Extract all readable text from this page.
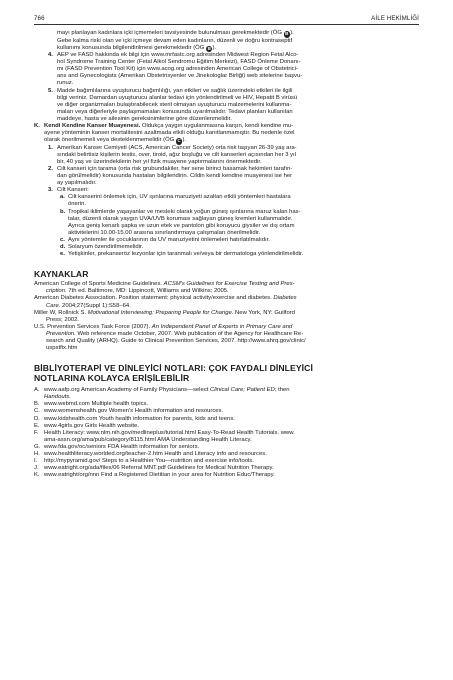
766	AİLE HEKİMLİĞİ

mayı planlayan kadınlara içki içmemeleri tavsiyesinde bulunulması gerekmektedir (ÖG B ).

Gebe kalma riski olan ve içki içmeye devam eden kadınların, düzenli ve doğru kontraseptif

kullanımı konusunda bilgilendirilmesi gerekmektedir (ÖG B ).

4. AEP ve FASD hakkında ek bilgi için www.mrfastc.org adresinden Midwest Region Fetal Alco-

hol Syndrome Training Center (Fetal Alkol Sendromu Eğitim Merkezi), FASD Önleme Donanı-

mı (FASD Prevention Tool Kit) için www.acog.org adresinden American College of Obstetrici-

ans and Gynecologists (Amerikan Obstetrisyenler ve Jinekologlar Birliği) web sitelerine başvu-

runuz.

5. Madde bağımlılarına uyuşturucu bağımlılığı, yan etkileri ve sağlık üzerindeki etkileri ile ilgili

bilgi veriniz. Damardan uyuşturucu alanlar tedavi için yönlendirilmeli ve HIV, Hepatit B virüsü

ve diğer organizmaları bulaştırabilecek steril olmayan uyuşturucu malzemelerini kullanma-

maları veya diğerleriyle paylaşmamaları konusunda uyarılmalıdır. Tedavi planları kullanılan

maddeye, hasta ve ailesinin gereksinimlerine göre düzenlenmelidir.

K. Kendi Kendine Kanser Muayenesi. Oldukça yaygın uygulanmasına karşın, kendi kendine mu-

ayene yönteminin kanser mortalitesini azaltmada etkili olduğu kanıtlanmamıştır. Bu nedenle özel

olarak önerilmemeli veya desteklenmemelidir (ÖG C ).

1. Amerikan Kanser Cemiyeti (ACS, American Cancer Society) orta risk taşıyan 26-39 yaş ara-

sındaki belirtisiz kişilerin testis, over, tiroid, ağız boşluğu ve cilt kanserleri açısından her 3 yıl

bir, 40 yaş ve üzerindekilerin her yıl fizik muayene yaptırmalarını önermektedir.

2. Cilt kanseri için tarama (orta risk grubundakiler, her sene birinci basamak hekimleri tarafın-

dan görülmelidir) konusunda hastaları bilgilendirin. Cildin kendi kendine muayenesi ise her

ay yapılmalıdır.

3. Cilt Kanseri:

a. Cilt kanserini önlemek için, UV ışınlarına maruziyeti azaltan etkili yöntemleri hastalara

önerin.

b. Tropikal iklimlerde yaşayanlar ve mesleki olarak yoğun güneş ışınlarına maruz kalan has-

talar, düzenli olarak yaygın UVA/UVB koruması sağlayan güneş kremleri kullanmalıdır.

Ayrıca geniş kenarlı şapka ve uzun etek ve pantolon gibi koruyucu giysiler ve dış ortam

aktivitelerini 10.00-15.00 arasına sınırlandırmaya çalışmaları önerilmelidir.

c. Aynı yöntemler ile çocuklarının da UV maruziyetini önlemeleri hatırlatılmalıdır.

d. Solaryum özendirilmemelidir.

e. Yetişkinler, prekanseröz lezyonlar için taranmalı ve/veya bir dermatologa yönlendirilmelidir.

KAYNAKLAR

American College of Sports Medicine Guidelines. ACSM's Guidelines for Exercise Testing and Pres-

cription. 7th ed. Baltimore, MD: Lippincott, Williams and Wilkins; 2005.

American Diabetes Association. Position statement: physical activity/exercise and diabetes. Diabetes

Care. 2004;27(Suppl 1):S58–64.

Miller W, Rollnick S. Motivational Interviewing: Preparing People for Change. New York, NY: Guilford

Press; 2002.

U.S. Prevention Services Task Force (2007). An Independent Panel of Experts in Primary Care and

Prevention. Web reference made October, 2007. Web publication of the Agency for Healthcare Re-

search and Quality (ARHQ). Guide to Clinical Prevention Services, 2007. http://www.ahrq.gov/clinic/

uspstfix.htm

BİBLİYOTERAPİ VE DİNLEYİCİ NOTLARI: ÇOK FAYDALI DİNLEYİCİ
NOTLARINA KOLAYCA ERİŞİLEBİLİR
A. www.aafp.org American Academy of Family Physicians—select Clinical Care; Patient ED; then

Handouts.

B. www.webmd.com Multiple health topics.

C. www.womenshealth.gov Women's Health information and resources.

D. www.kidshealth.com Youth health information for parents, kids and teens.

E. www.4girls.gov Girls Health website.

F. Health Literacy: www.nlm.nih.gov/medlineplus/tutorial.html Easy-To-Read Health Tutorials. www.

ama-assn.org/ama/pub/category/8115.html AMA Understanding Health Literacy.

G. www.fda.gov/oc/seniors FDA Health information for seniors.

H. www.healthliteracy.worlded.org/teacher-2.htm Health and Literacy info and resources.

I. http://mypyramid.gov/ Steps to a Healthier You—nutrition and exercise info/tools.

J. www.eatright.org/ada/files/06 Referral MNT.pdf Guidelines for Medical Nutrition Therapy.

K. www.eatright/org/nnn Find a Registered Dietitian in your area for Nutrition Educ/Therapy.
